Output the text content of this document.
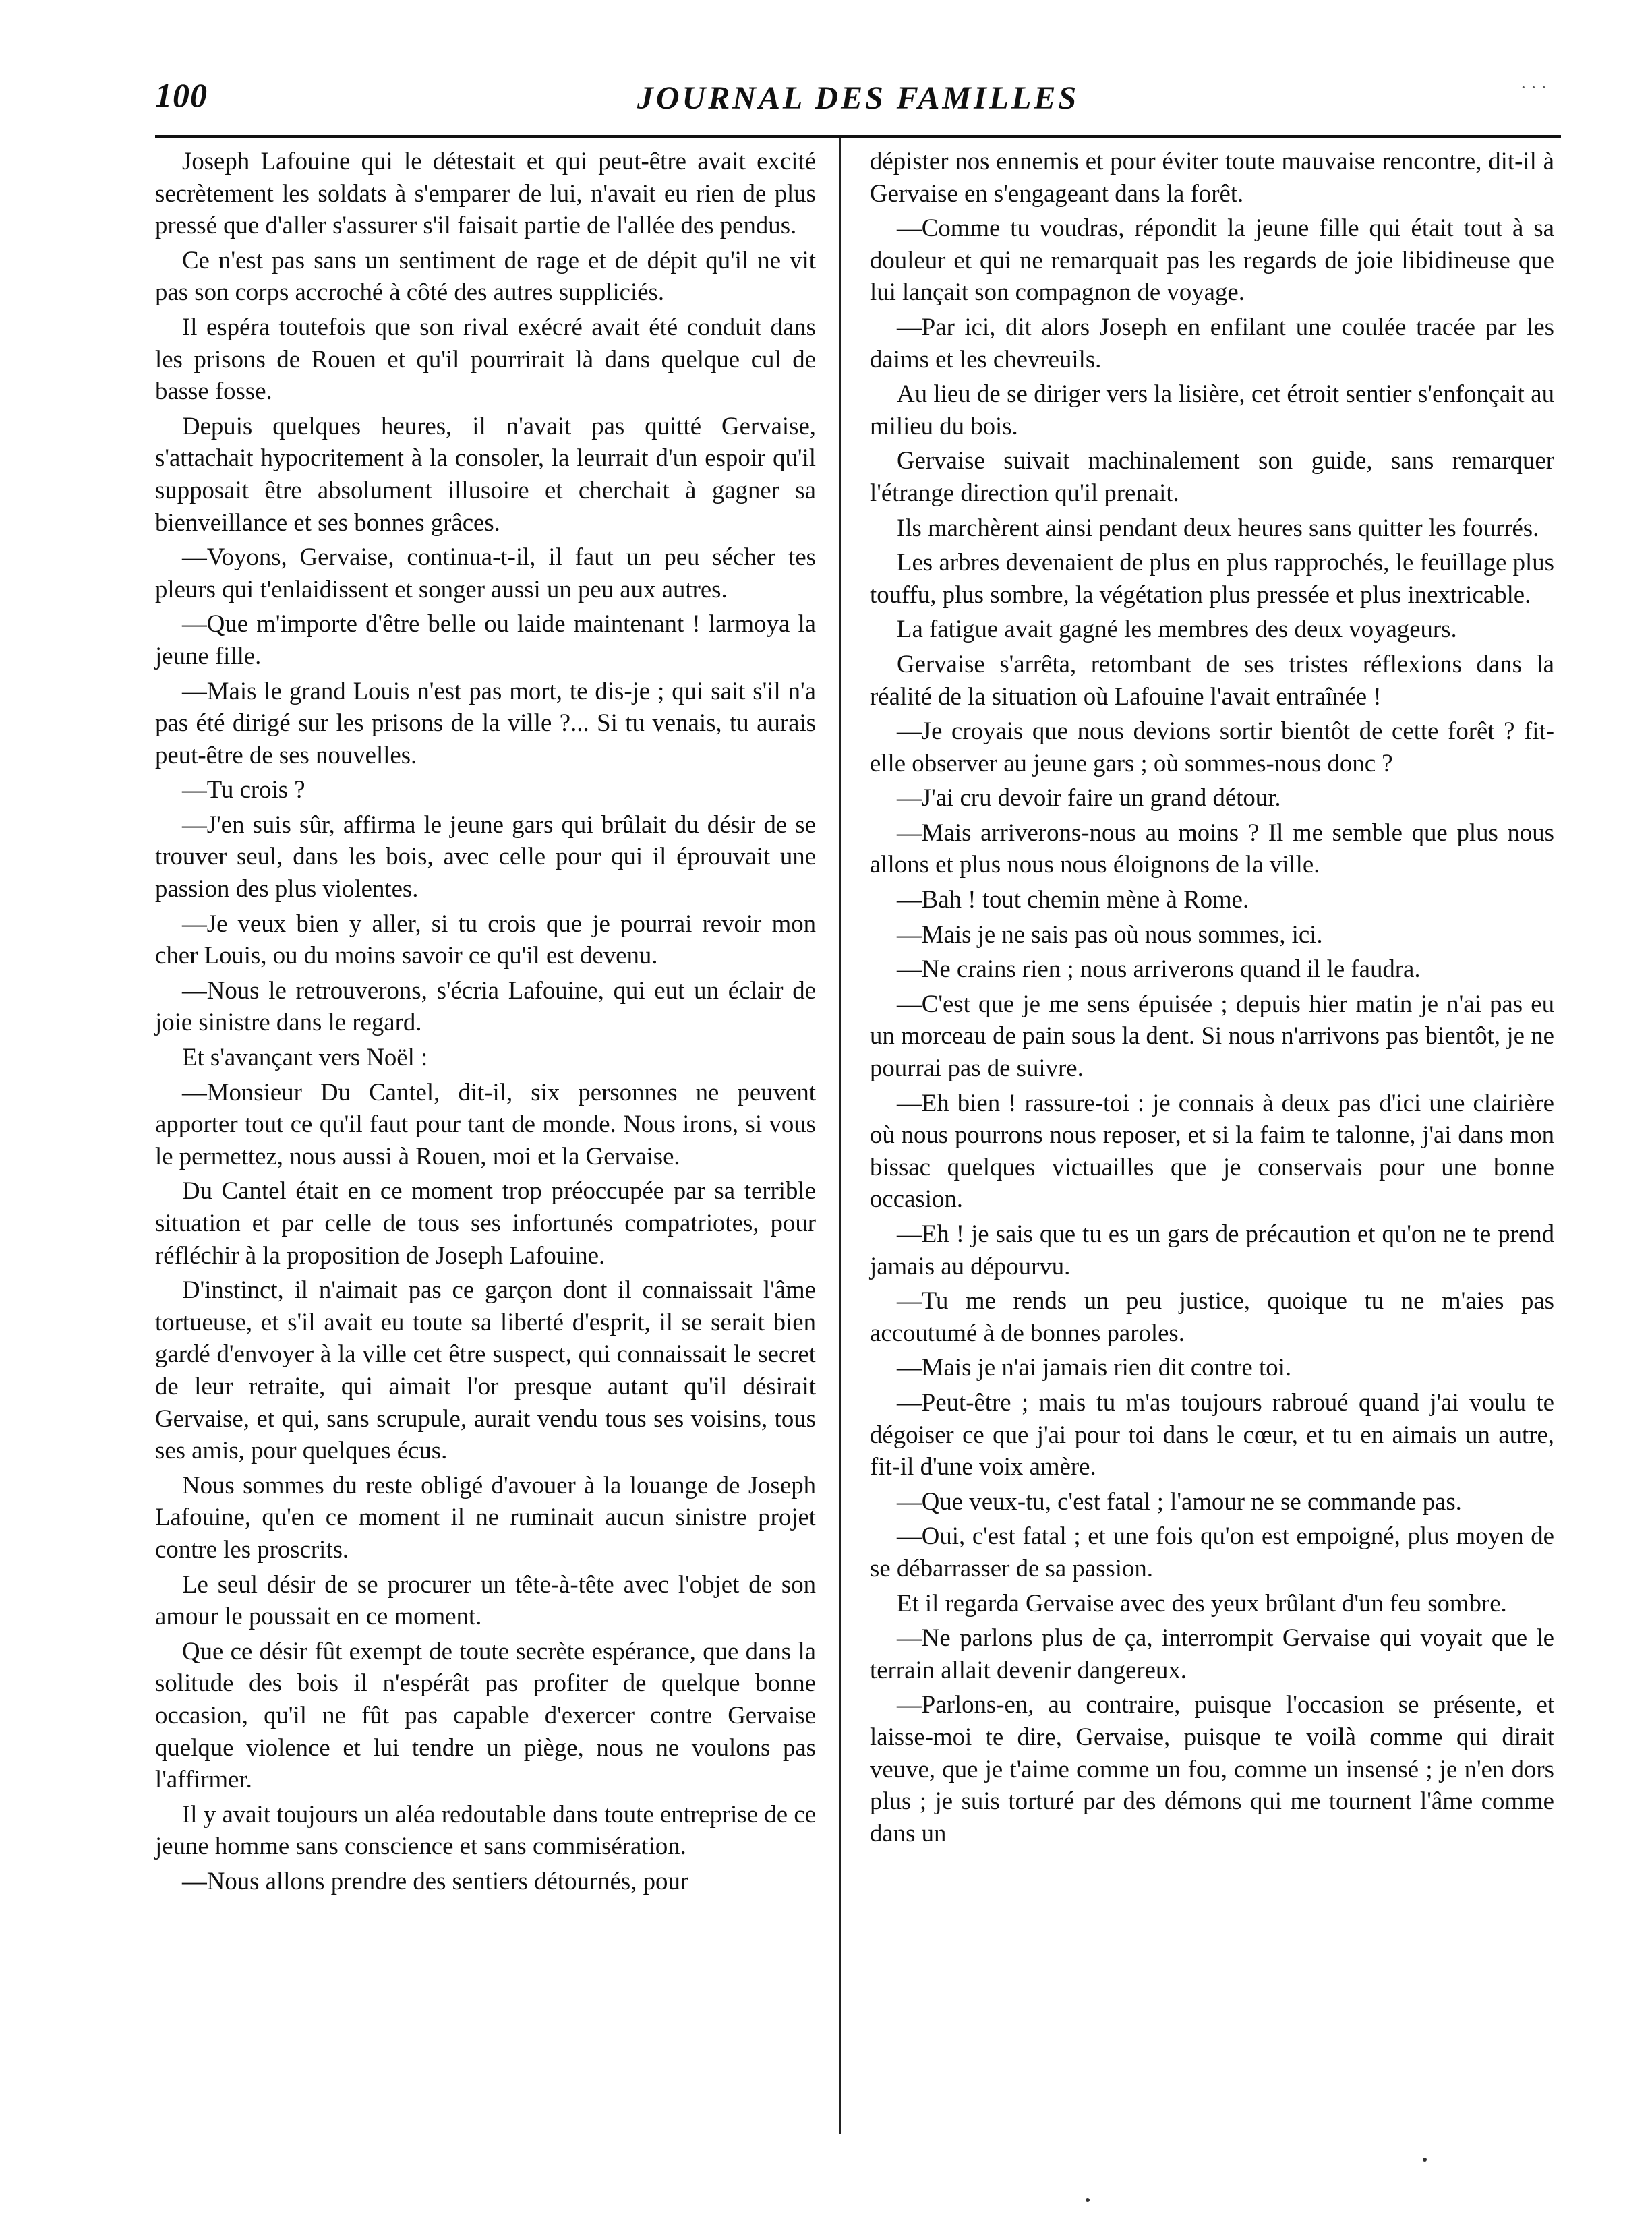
100	JOURNAL DES FAMILLES	· · ·

Joseph Lafouine qui le détestait et qui peut-être avait excité secrètement les soldats à s'emparer de lui, n'avait eu rien de plus pressé que d'aller s'assurer s'il faisait partie de l'allée des pendus.

Ce n'est pas sans un sentiment de rage et de dépit qu'il ne vit pas son corps accroché à côté des autres suppliciés.

Il espéra toutefois que son rival exécré avait été conduit dans les prisons de Rouen et qu'il pourrirait là dans quelque cul de basse fosse.

Depuis quelques heures, il n'avait pas quitté Gervaise, s'attachait hypocritement à la consoler, la leurrait d'un espoir qu'il supposait être absolument illusoire et cherchait à gagner sa bienveillance et ses bonnes grâces.

—Voyons, Gervaise, continua-t-il, il faut un peu sécher tes pleurs qui t'enlaidissent et songer aussi un peu aux autres.

—Que m'importe d'être belle ou laide maintenant ! larmoya la jeune fille.

—Mais le grand Louis n'est pas mort, te dis-je ; qui sait s'il n'a pas été dirigé sur les prisons de la ville ?... Si tu venais, tu aurais peut-être de ses nouvelles.

—Tu crois ?

—J'en suis sûr, affirma le jeune gars qui brûlait du désir de se trouver seul, dans les bois, avec celle pour qui il éprouvait une passion des plus violentes.

—Je veux bien y aller, si tu crois que je pourrai revoir mon cher Louis, ou du moins savoir ce qu'il est devenu.

—Nous le retrouverons, s'écria Lafouine, qui eut un éclair de joie sinistre dans le regard.

Et s'avançant vers Noël :

—Monsieur Du Cantel, dit-il, six personnes ne peuvent apporter tout ce qu'il faut pour tant de monde. Nous irons, si vous le permettez, nous aussi à Rouen, moi et la Gervaise.

Du Cantel était en ce moment trop préoccupée par sa terrible situation et par celle de tous ses infortunés compatriotes, pour réfléchir à la proposition de Joseph Lafouine.

D'instinct, il n'aimait pas ce garçon dont il connaissait l'âme tortueuse, et s'il avait eu toute sa liberté d'esprit, il se serait bien gardé d'envoyer à la ville cet être suspect, qui connaissait le secret de leur retraite, qui aimait l'or presque autant qu'il désirait Gervaise, et qui, sans scrupule, aurait vendu tous ses voisins, tous ses amis, pour quelques écus.

Nous sommes du reste obligé d'avouer à la louange de Joseph Lafouine, qu'en ce moment il ne ruminait aucun sinistre projet contre les proscrits.

Le seul désir de se procurer un tête-à-tête avec l'objet de son amour le poussait en ce moment.

Que ce désir fût exempt de toute secrète espérance, que dans la solitude des bois il n'espérât pas profiter de quelque bonne occasion, qu'il ne fût pas capable d'exercer contre Gervaise quelque violence et lui tendre un piège, nous ne voulons pas l'affirmer.

Il y avait toujours un aléa redoutable dans toute entreprise de ce jeune homme sans conscience et sans commisération.

—Nous allons prendre des sentiers détournés, pour

dépister nos ennemis et pour éviter toute mauvaise rencontre, dit-il à Gervaise en s'engageant dans la forêt.

—Comme tu voudras, répondit la jeune fille qui était tout à sa douleur et qui ne remarquait pas les regards de joie libidineuse que lui lançait son compagnon de voyage.

—Par ici, dit alors Joseph en enfilant une coulée tracée par les daims et les chevreuils.

Au lieu de se diriger vers la lisière, cet étroit sentier s'enfonçait au milieu du bois.

Gervaise suivait machinalement son guide, sans remarquer l'étrange direction qu'il prenait.

Ils marchèrent ainsi pendant deux heures sans quitter les fourrés.

Les arbres devenaient de plus en plus rapprochés, le feuillage plus touffu, plus sombre, la végétation plus pressée et plus inextricable.

La fatigue avait gagné les membres des deux voyageurs.

Gervaise s'arrêta, retombant de ses tristes réflexions dans la réalité de la situation où Lafouine l'avait entraînée !

—Je croyais que nous devions sortir bientôt de cette forêt ? fit-elle observer au jeune gars ; où sommes-nous donc ?

—J'ai cru devoir faire un grand détour.

—Mais arriverons-nous au moins ? Il me semble que plus nous allons et plus nous nous éloignons de la ville.

—Bah ! tout chemin mène à Rome.

—Mais je ne sais pas où nous sommes, ici.

—Ne crains rien ; nous arriverons quand il le faudra.

—C'est que je me sens épuisée ; depuis hier matin je n'ai pas eu un morceau de pain sous la dent. Si nous n'arrivons pas bientôt, je ne pourrai pas de suivre.

—Eh bien ! rassure-toi : je connais à deux pas d'ici une clairière où nous pourrons nous reposer, et si la faim te talonne, j'ai dans mon bissac quelques victuailles que je conservais pour une bonne occasion.

—Eh ! je sais que tu es un gars de précaution et qu'on ne te prend jamais au dépourvu.

—Tu me rends un peu justice, quoique tu ne m'aies pas accoutumé à de bonnes paroles.

—Mais je n'ai jamais rien dit contre toi.

—Peut-être ; mais tu m'as toujours rabroué quand j'ai voulu te dégoiser ce que j'ai pour toi dans le cœur, et tu en aimais un autre, fit-il d'une voix amère.

—Que veux-tu, c'est fatal ; l'amour ne se commande pas.

—Oui, c'est fatal ; et une fois qu'on est empoigné, plus moyen de se débarrasser de sa passion.

Et il regarda Gervaise avec des yeux brûlant d'un feu sombre.

—Ne parlons plus de ça, interrompit Gervaise qui voyait que le terrain allait devenir dangereux.

—Parlons-en, au contraire, puisque l'occasion se présente, et laisse-moi te dire, Gervaise, puisque te voilà comme qui dirait veuve, que je t'aime comme un fou, comme un insensé ; je n'en dors plus ; je suis torturé par des démons qui me tournent l'âme comme dans un
